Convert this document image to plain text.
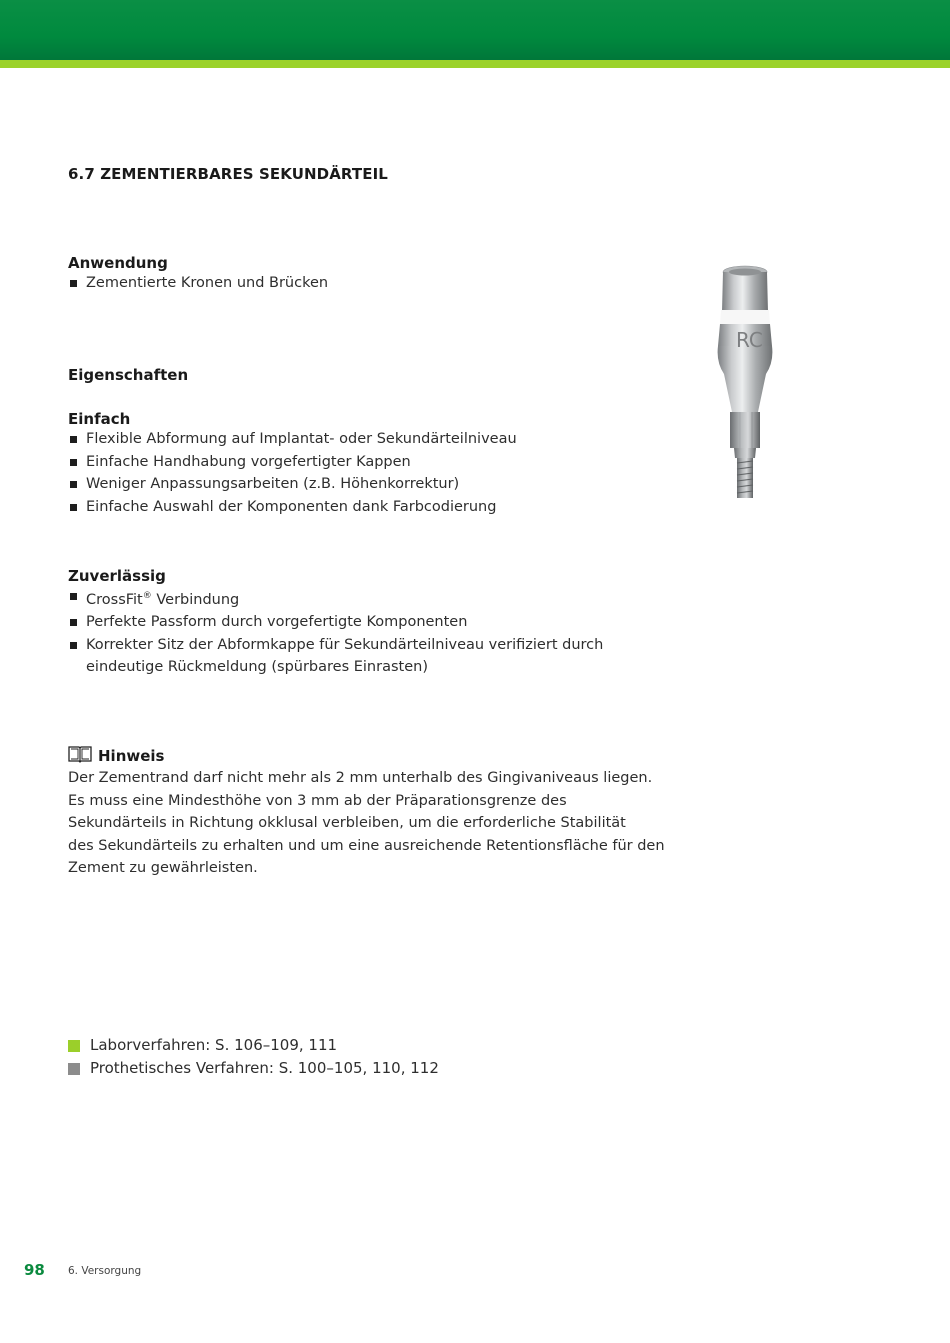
6.7 ZEMENTIERBARES SEKUNDÄRTEIL
Anwendung
Zementierte Kronen und Brücken
Eigenschaften
Einfach
Flexible Abformung auf Implantat- oder Sekundärteilniveau
Einfache Handhabung vorgefertigter Kappen
Weniger Anpassungsarbeiten (z.B. Höhenkorrektur)
Einfache Auswahl der Komponenten dank Farbcodierung
Zuverlässig
CrossFit® Verbindung
Perfekte Passform durch vorgefertigte Komponenten
Korrekter Sitz der Abformkappe für Sekundärteilniveau verifiziert durch
eindeutige Rückmeldung (spürbares Einrasten)
Hinweis

Der Zementrand darf nicht mehr als 2 mm unterhalb des Gingivaniveaus liegen.

Es muss eine Mindesthöhe von 3 mm ab der Präparationsgrenze des

Sekundärteils in Richtung okklusal verbleiben, um die erforderliche Stabilität

des Sekundärteils zu erhalten und um eine ausreichende Retentionsfläche für den

Zement zu gewährleisten.

Laborverfahren: S. 106–109, 111
Prothetisches Verfahren: S. 100–105, 110, 112
RC
98 6. Versorgung
